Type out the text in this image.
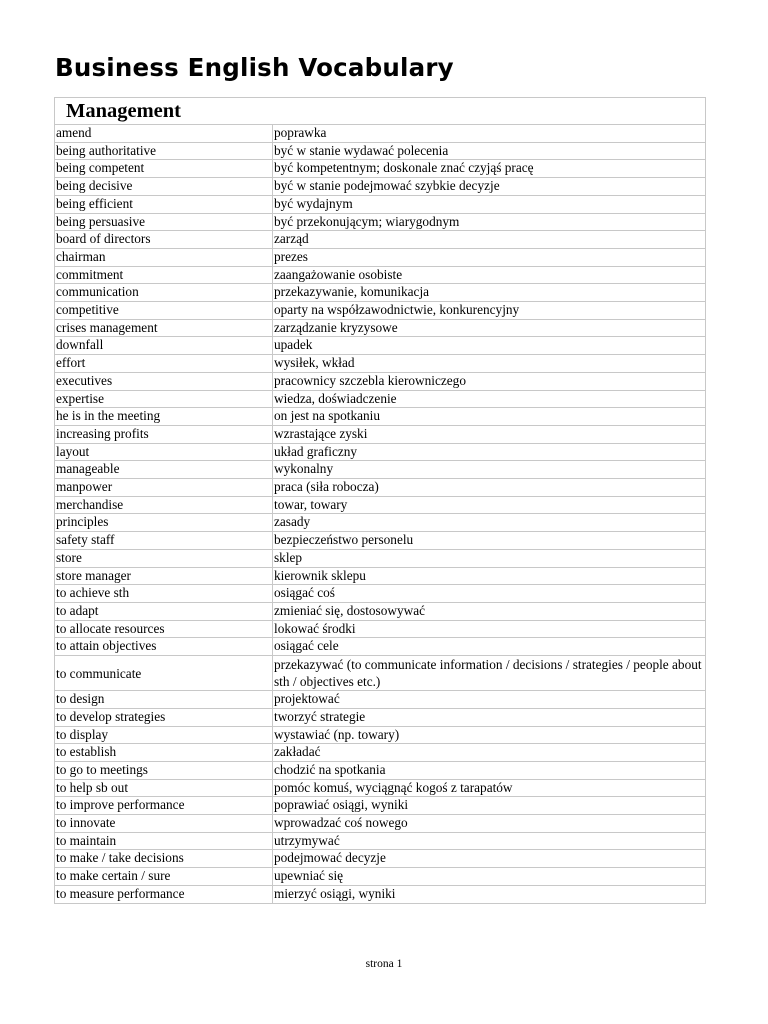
Business English Vocabulary
Management	
amend	poprawka
being authoritative	być w stanie wydawać polecenia
being competent	być kompetentnym; doskonale znać czyjąś pracę
being decisive	być w stanie podejmować szybkie decyzje
being efficient	być wydajnym
being persuasive	być przekonującym; wiarygodnym
board of directors	zarząd
chairman	prezes
commitment	zaangażowanie osobiste
communication	przekazywanie, komunikacja
competitive	oparty na współzawodnictwie, konkurencyjny
crises management	zarządzanie kryzysowe
downfall	upadek
effort	wysiłek, wkład
executives	pracownicy szczebla kierowniczego
expertise	wiedza, doświadczenie
he is in the meeting	on jest na spotkaniu
increasing profits	wzrastające zyski
layout	układ graficzny
manageable	wykonalny
manpower	praca (siła robocza)
merchandise	towar, towary
principles	zasady
safety staff	bezpieczeństwo personelu
store	sklep
store manager	kierownik sklepu
to achieve sth	osiągać coś
to adapt	zmieniać się, dostosowywać
to allocate resources	lokować środki
to attain objectives	osiągać cele
to communicate	przekazywać (to communicate information / decisions / strategies / people about sth / objectives etc.)
to design	projektować
to develop strategies	tworzyć strategie
to display	wystawiać (np. towary)
to establish	zakładać
to go to meetings	chodzić na spotkania
to help sb out	pomóc komuś, wyciągnąć kogoś z tarapatów
to improve performance	poprawiać osiągi, wyniki
to innovate	wprowadzać coś nowego
to maintain	utrzymywać
to make / take decisions	podejmować decyzje
to make certain / sure	upewniać się
to measure performance	mierzyć osiągi, wyniki
strona 1
